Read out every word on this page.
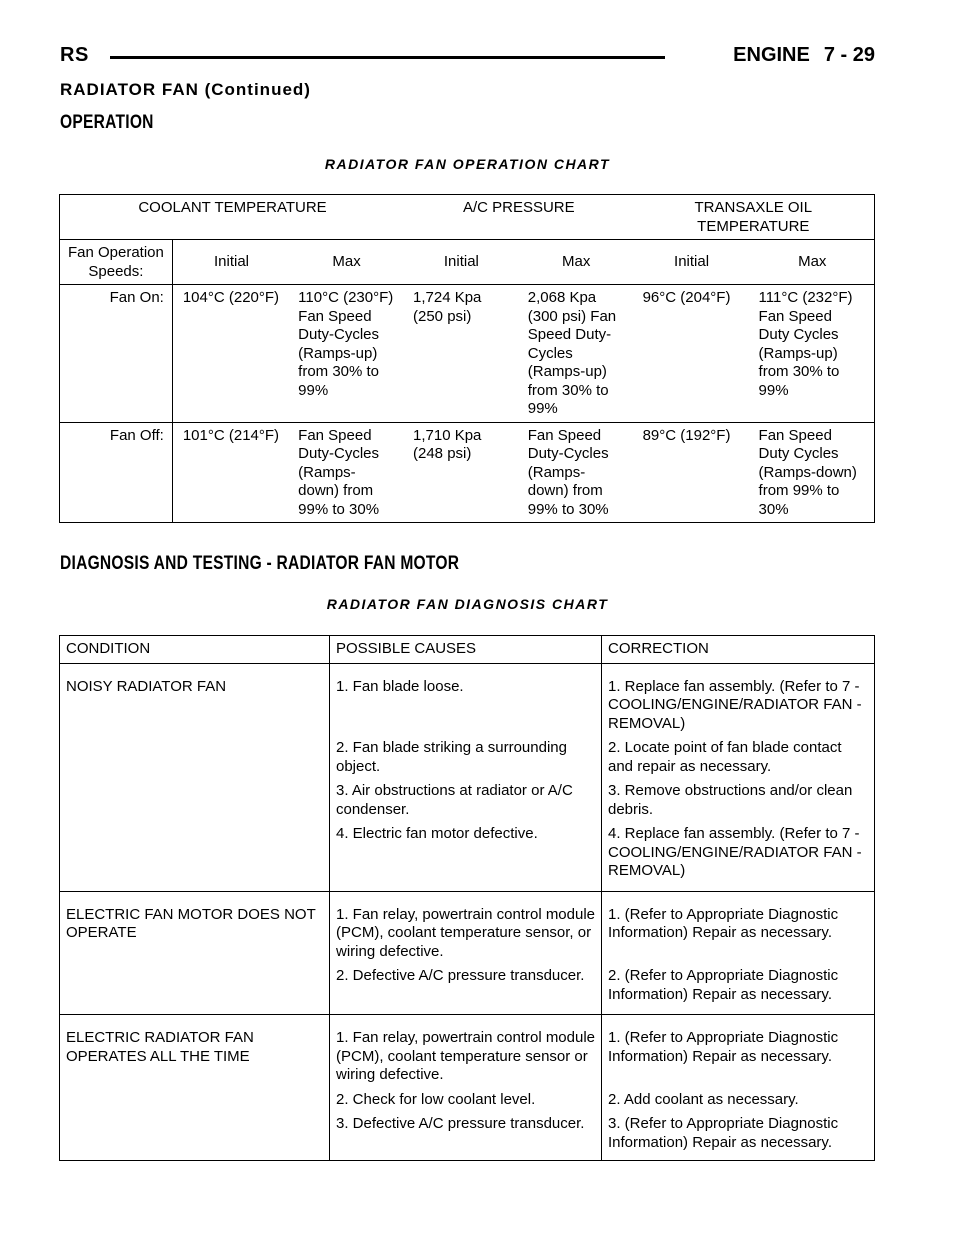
RS	ENGINE 7 - 29
RADIATOR FAN (Continued)
OPERATION
RADIATOR FAN OPERATION CHART
COOLANT TEMPERATURE			A/C PRESSURE		TRANSAXLE OIL TEMPERATURE	
Fan Operation Speeds:	Initial	Max	Initial	Max	Initial	Max
Fan On:	104°C (220°F)	110°C (230°F) Fan Speed Duty-Cycles (Ramps-up) from 30% to 99%	1,724 Kpa (250 psi)	2,068 Kpa (300 psi) Fan Speed Duty-Cycles (Ramps-up) from 30% to 99%	96°C (204°F)	111°C (232°F) Fan Speed Duty Cycles (Ramps-up) from 30% to 99%
Fan Off:	101°C (214°F)	Fan Speed Duty-Cycles (Ramps-down) from 99% to 30%	1,710 Kpa (248 psi)	Fan Speed Duty-Cycles (Ramps-down) from 99% to 30%	89°C (192°F)	Fan Speed Duty Cycles (Ramps-down) from 99% to 30%
DIAGNOSIS AND TESTING - RADIATOR FAN MOTOR
RADIATOR FAN DIAGNOSIS CHART
CONDITION	POSSIBLE CAUSES	CORRECTION
NOISY RADIATOR FAN	1. Fan blade loose.	1. Replace fan assembly. (Refer to 7 - COOLING/ENGINE/RADIATOR FAN - REMOVAL)
	2. Fan blade striking a surrounding object.	2. Locate point of fan blade contact and repair as necessary.
	3. Air obstructions at radiator or A/C condenser.	3. Remove obstructions and/or clean debris.
	4. Electric fan motor defective.	4. Replace fan assembly. (Refer to 7 - COOLING/ENGINE/RADIATOR FAN - REMOVAL)
ELECTRIC FAN MOTOR DOES NOT OPERATE	1. Fan relay, powertrain control module (PCM), coolant temperature sensor, or wiring defective.	1. (Refer to Appropriate Diagnostic Information) Repair as necessary.
	2. Defective A/C pressure transducer.	2. (Refer to Appropriate Diagnostic Information) Repair as necessary.
ELECTRIC RADIATOR FAN OPERATES ALL THE TIME	1. Fan relay, powertrain control module (PCM), coolant temperature sensor or wiring defective.	1. (Refer to Appropriate Diagnostic Information) Repair as necessary.
	2. Check for low coolant level.	2. Add coolant as necessary.
	3. Defective A/C pressure transducer.	3. (Refer to Appropriate Diagnostic Information) Repair as necessary.
